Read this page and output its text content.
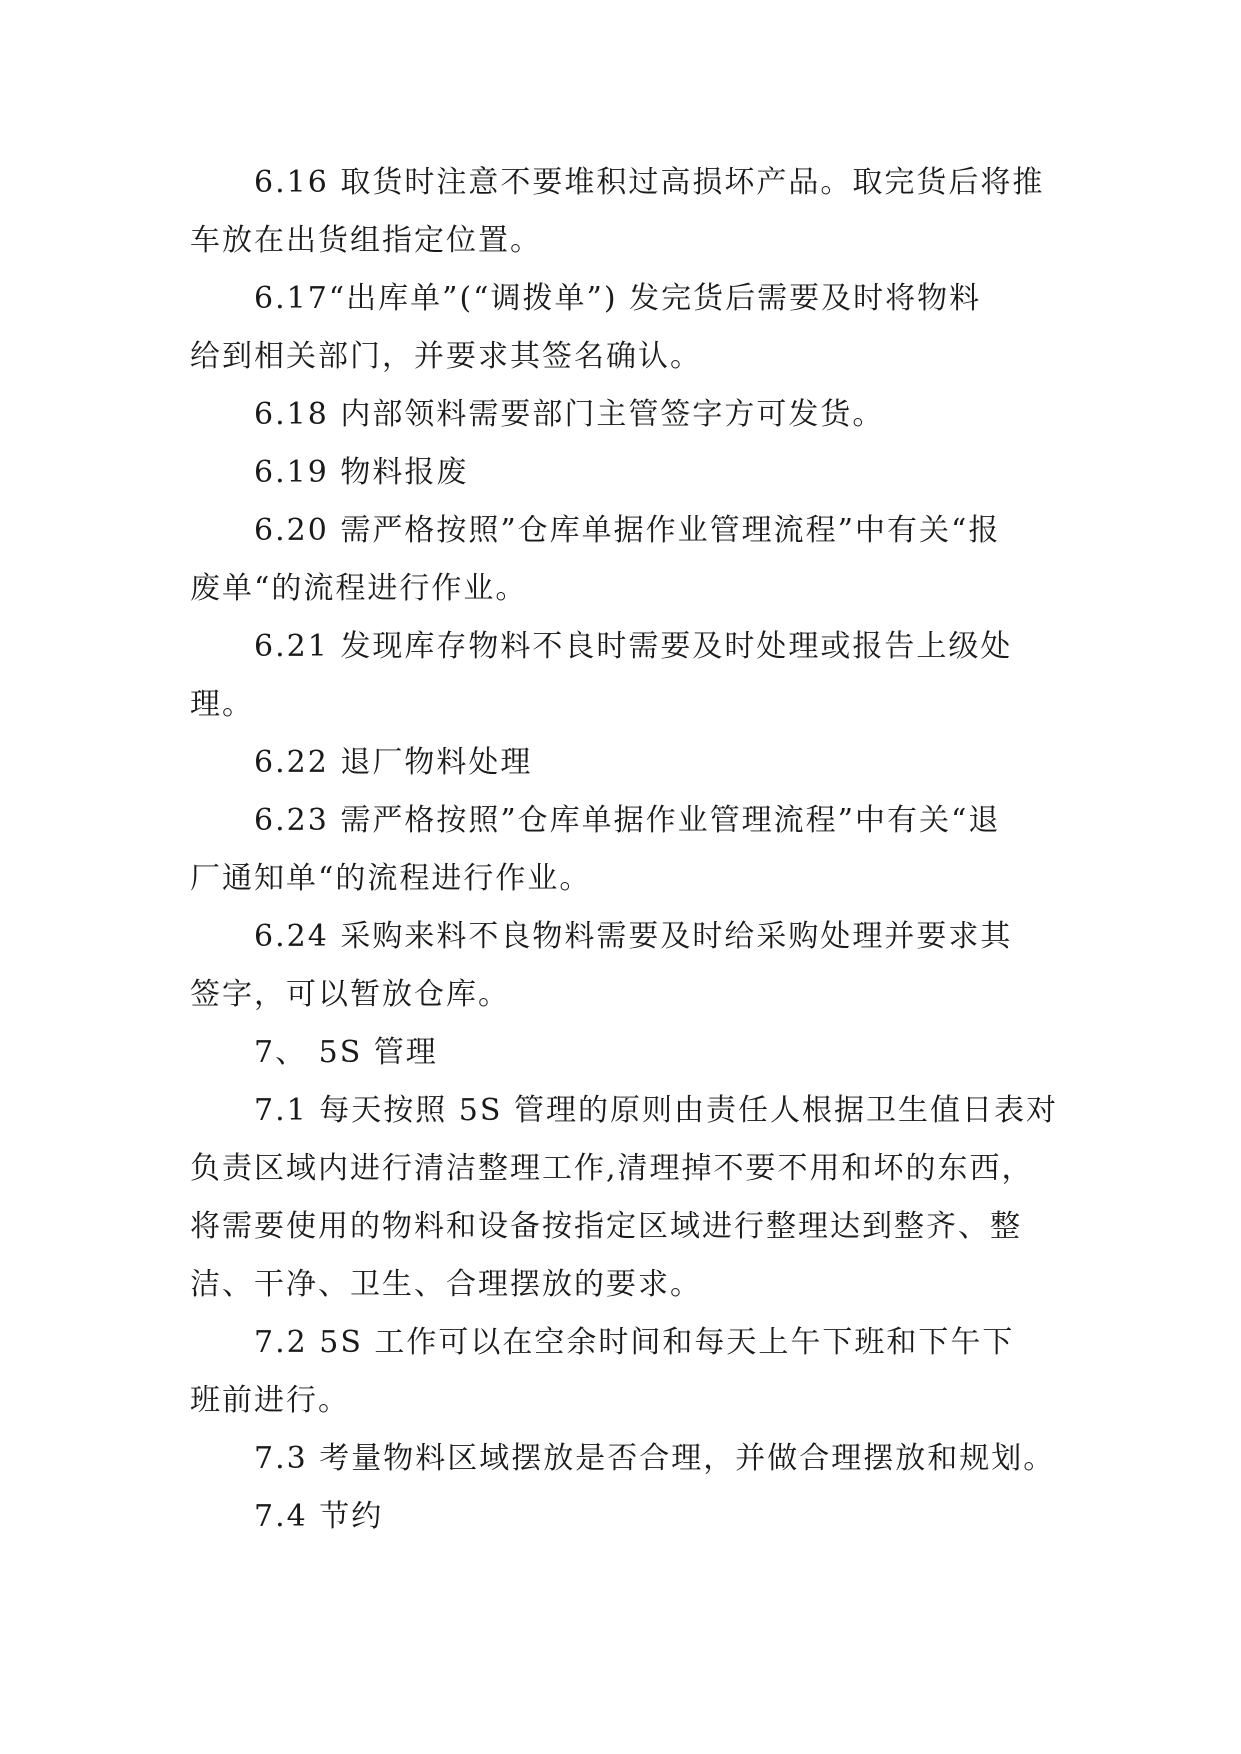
6.16 取货时注意不要堆积过高损坏产品。取完货后将推
车放在出货组指定位置。
6.17“出库单”(“调拨单”) 发完货后需要及时将物料
给到相关部门，并要求其签名确认。
6.18 内部领料需要部门主管签字方可发货。
6.19 物料报废
6.20 需严格按照”仓库单据作业管理流程”中有关“报
废单“的流程进行作业。
6.21 发现库存物料不良时需要及时处理或报告上级处
理。
6.22 退厂物料处理
6.23 需严格按照”仓库单据作业管理流程”中有关“退
厂通知单“的流程进行作业。
6.24 采购来料不良物料需要及时给采购处理并要求其
签字，可以暂放仓库。
7、 5S 管理
7.1 每天按照 5S 管理的原则由责任人根据卫生值日表对
负责区域内进行清洁整理工作,清理掉不要不用和坏的东西，
将需要使用的物料和设备按指定区域进行整理达到整齐、整
洁、干净、卫生、合理摆放的要求。
7.2 5S 工作可以在空余时间和每天上午下班和下午下
班前进行。
7.3 考量物料区域摆放是否合理，并做合理摆放和规划。
7.4 节约
